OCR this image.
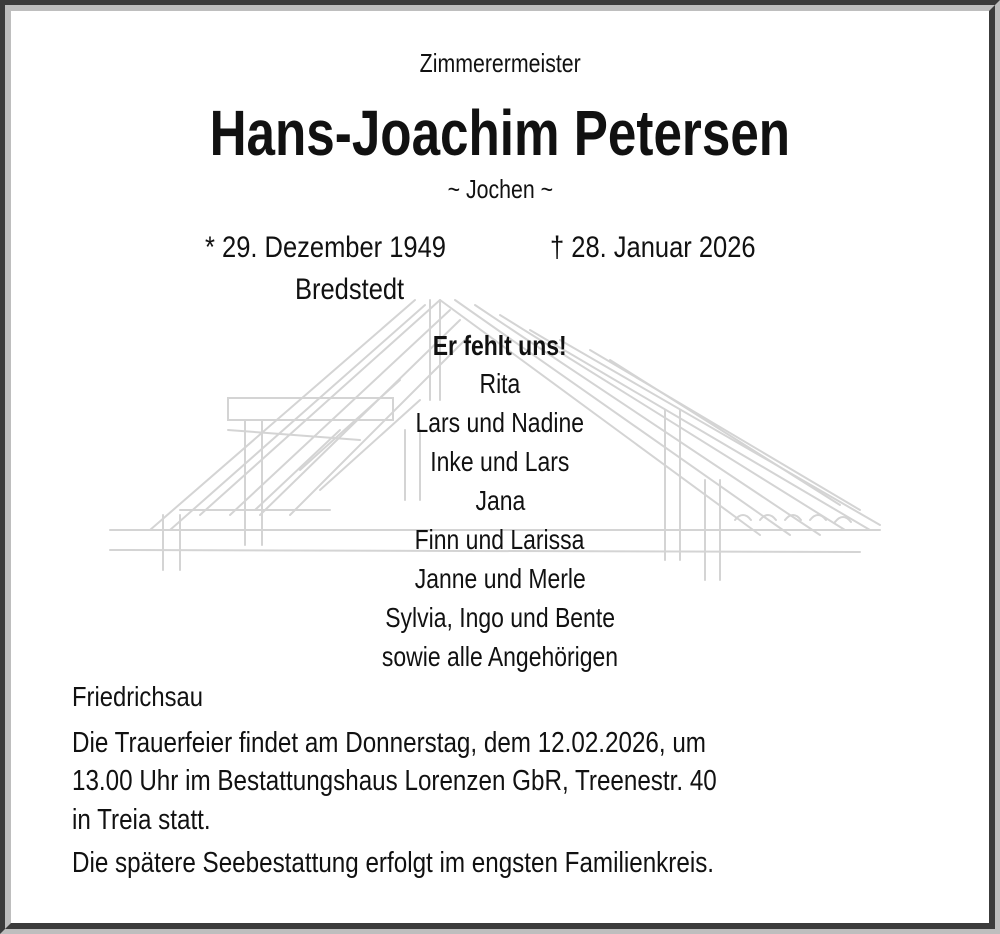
Zimmerermeister
Hans-Joachim Petersen
~ Jochen ~
* 29. Dezember 1949	† 28. Januar 2026
Bredstedt
Er fehlt uns!
Rita
Lars und Nadine
Inke und Lars
Jana
Finn und Larissa
Janne und Merle
Sylvia, Ingo und Bente
sowie alle Angehörigen
Friedrichsau
Die Trauerfeier findet am Donnerstag, dem 12.02.2026, um
13.00 Uhr im Bestattungshaus Lorenzen GbR, Treenestr. 40
in Treia statt.
Die spätere Seebestattung erfolgt im engsten Familienkreis.
